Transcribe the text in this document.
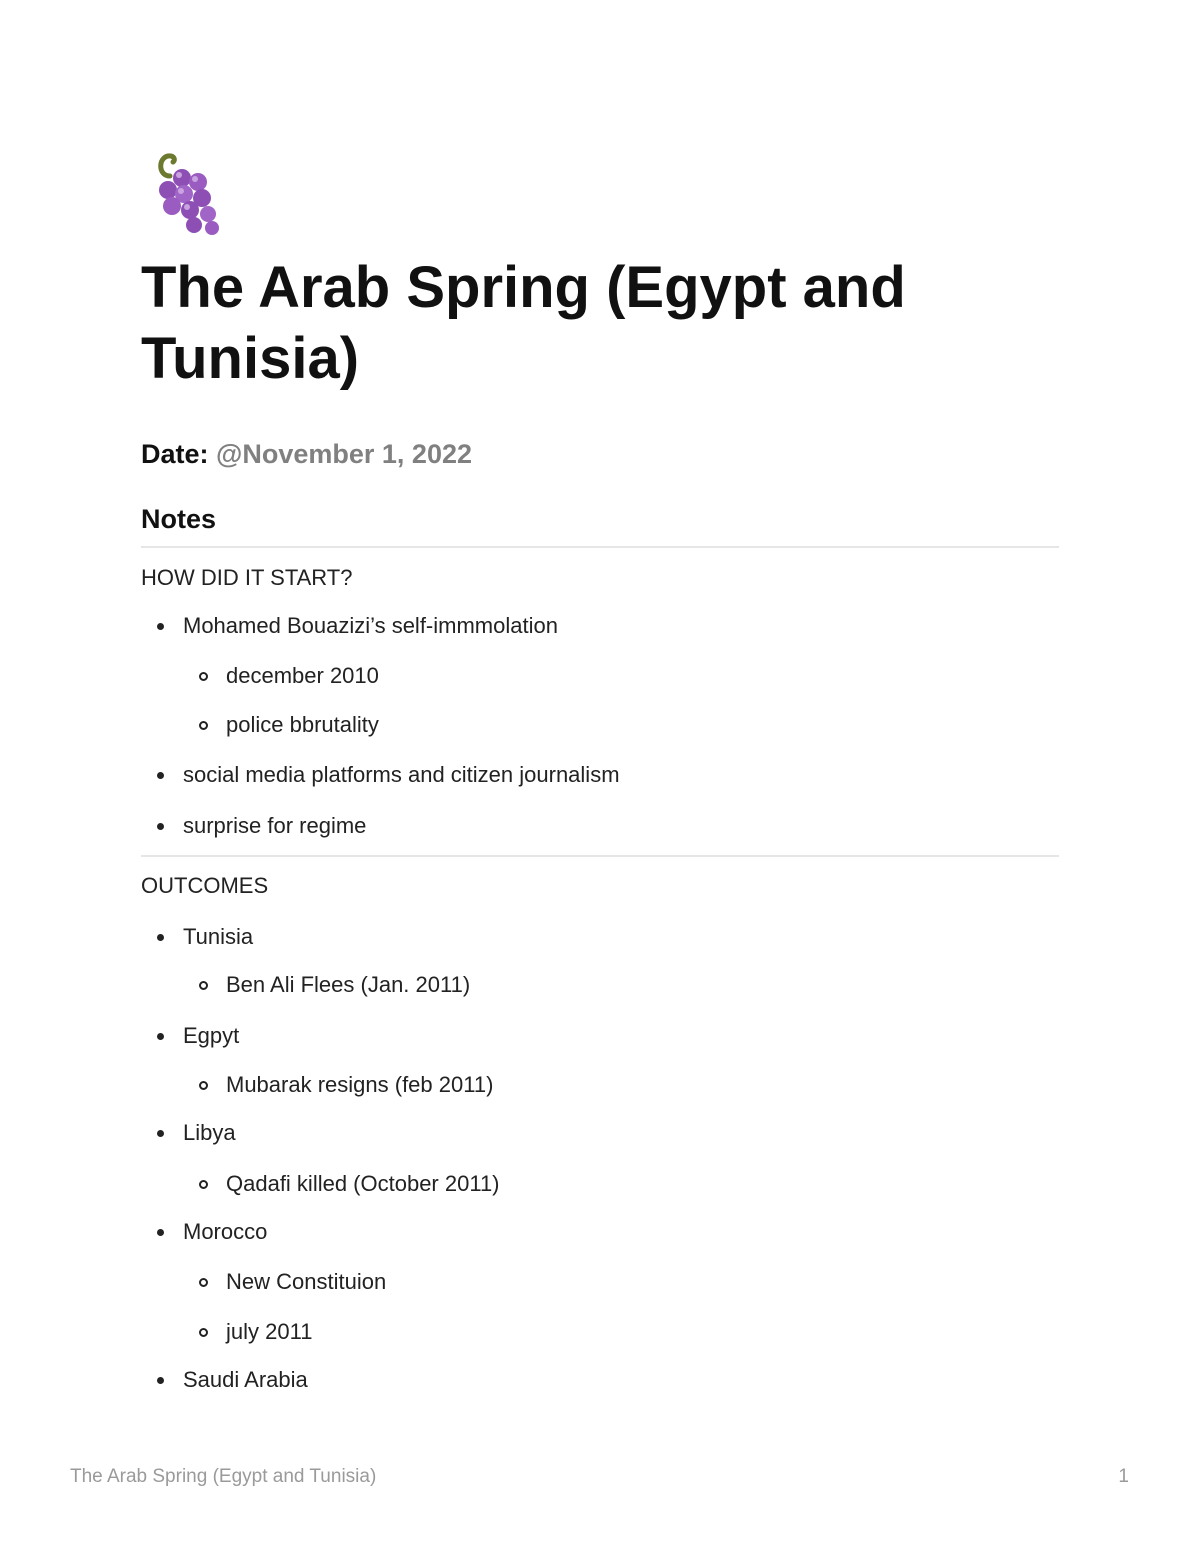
The Arab Spring (Egypt and Tunisia)
Date: @November 1, 2022
Notes
HOW DID IT START?
Mohamed Bouazizi’s self-immmolation
december 2010
police bbrutality
social media platforms and citizen journalism
surprise for regime
OUTCOMES
Tunisia
Ben Ali Flees (Jan. 2011)
Egpyt
Mubarak resigns (feb 2011)
Libya
Qadafi killed (October 2011)
Morocco
New Constituion
july 2011
Saudi Arabia
The Arab Spring (Egypt and Tunisia)	1
